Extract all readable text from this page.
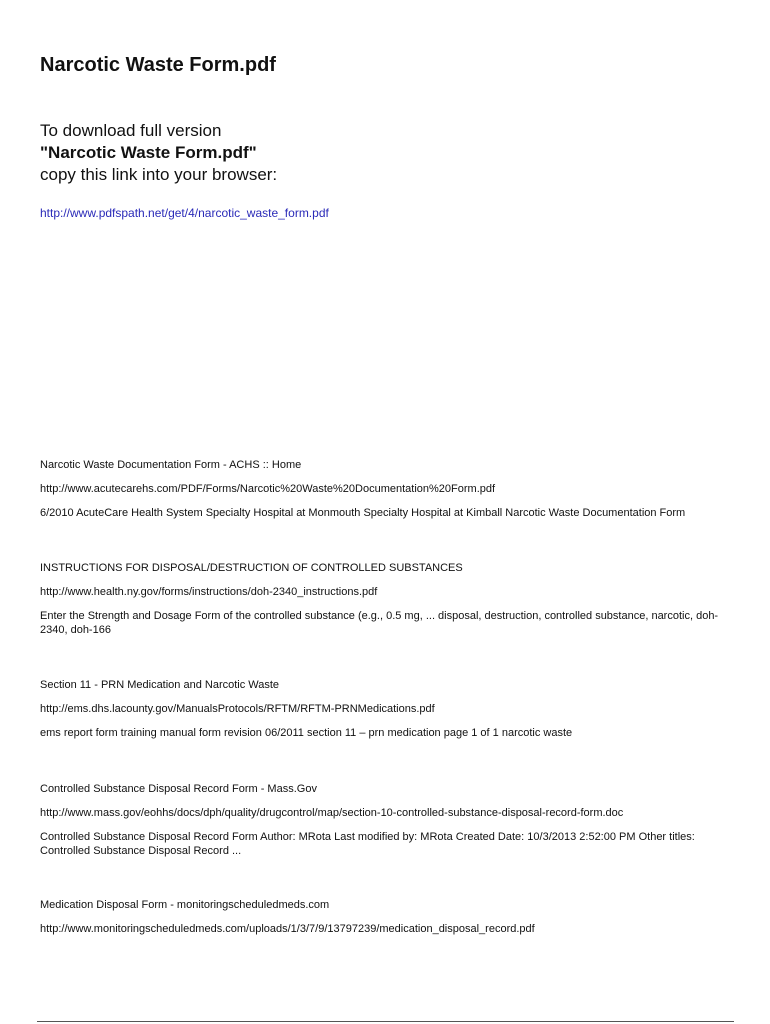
Narcotic Waste Form.pdf
To download full version
"Narcotic Waste Form.pdf"
copy this link into your browser:
http://www.pdfspath.net/get/4/narcotic_waste_form.pdf
Narcotic Waste Documentation Form - ACHS :: Home
http://www.acutecarehs.com/PDF/Forms/Narcotic%20Waste%20Documentation%20Form.pdf
6/2010 AcuteCare Health System Specialty Hospital at Monmouth Specialty Hospital at Kimball Narcotic Waste Documentation Form
INSTRUCTIONS FOR DISPOSAL/DESTRUCTION OF CONTROLLED SUBSTANCES
http://www.health.ny.gov/forms/instructions/doh-2340_instructions.pdf
Enter the Strength and Dosage Form of the controlled substance (e.g., 0.5 mg, ... disposal, destruction, controlled substance, narcotic, doh-2340, doh-166
Section 11 - PRN Medication and Narcotic Waste
http://ems.dhs.lacounty.gov/ManualsProtocols/RFTM/RFTM-PRNMedications.pdf
ems report form training manual form revision 06/2011 section 11 – prn medication page 1 of 1 narcotic waste
Controlled Substance Disposal Record Form - Mass.Gov
http://www.mass.gov/eohhs/docs/dph/quality/drugcontrol/map/section-10-controlled-substance-disposal-record-form.doc
Controlled Substance Disposal Record Form Author: MRota Last modified by: MRota Created Date: 10/3/2013 2:52:00 PM Other titles: Controlled Substance Disposal Record ...
Medication Disposal Form - monitoringscheduledmeds.com
http://www.monitoringscheduledmeds.com/uploads/1/3/7/9/13797239/medication_disposal_record.pdf
